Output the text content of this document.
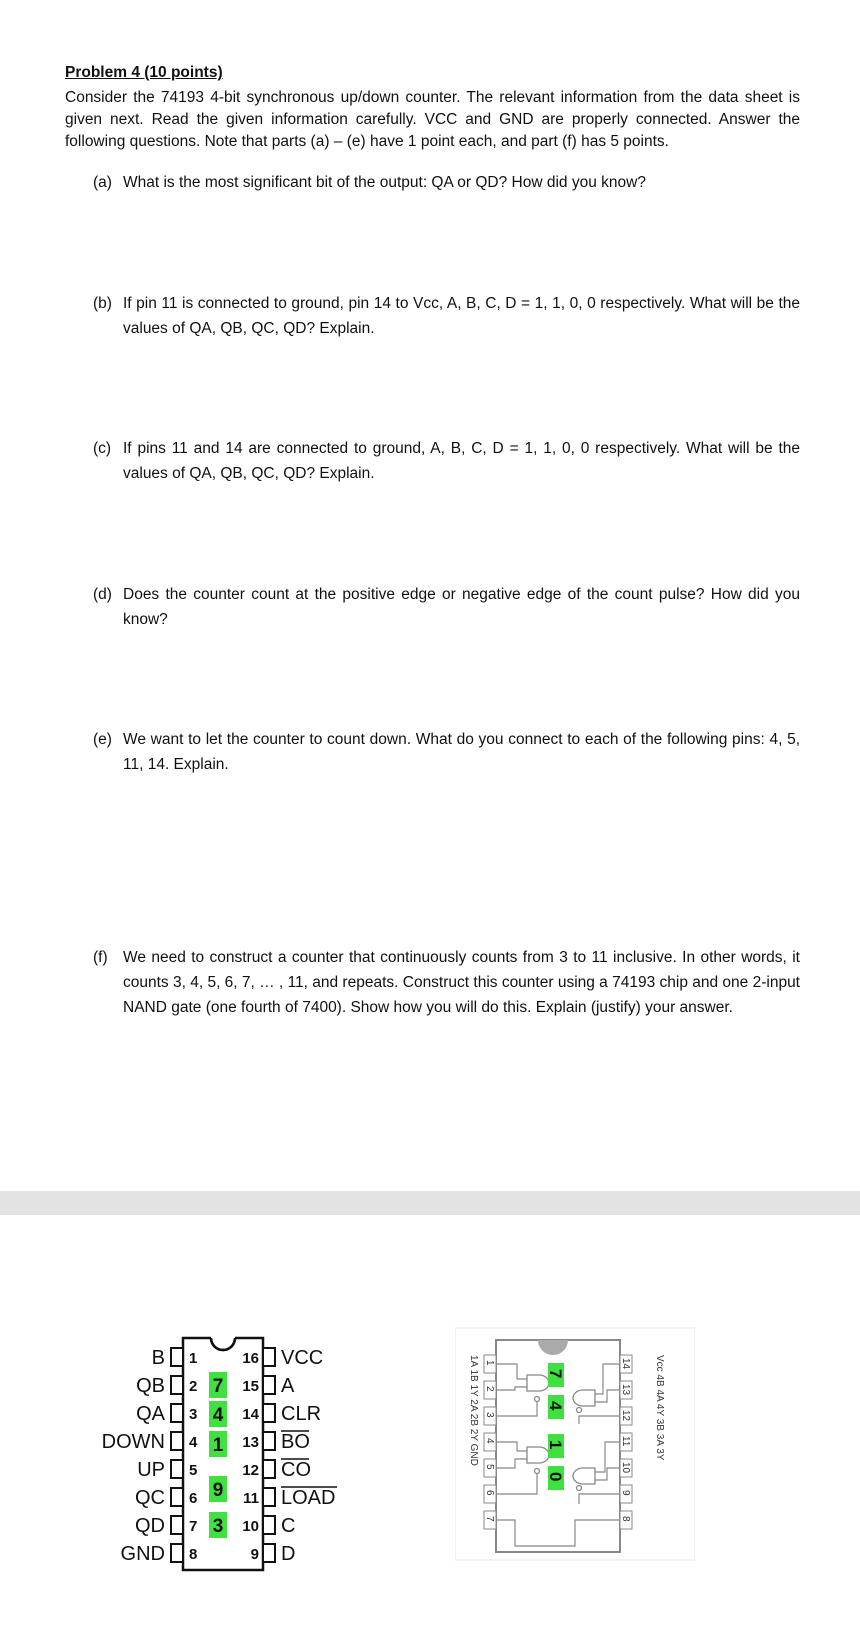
Problem 4 (10 points)
Consider the 74193 4-bit synchronous up/down counter. The relevant information from the data sheet is given next. Read the given information carefully. VCC and GND are properly connected. Answer the following questions. Note that parts (a) – (e) have 1 point each, and part (f) has 5 points.
(a) What is the most significant bit of the output: QA or QD? How did you know?
(b) If pin 11 is connected to ground, pin 14 to Vcc, A, B, C, D = 1, 1, 0, 0 respectively. What will be the values of QA, QB, QC, QD? Explain.
(c) If pins 11 and 14 are connected to ground, A, B, C, D = 1, 1, 0, 0 respectively. What will be the values of QA, QB, QC, QD? Explain.
(d) Does the counter count at the positive edge or negative edge of the count pulse? How did you know?
(e) We want to let the counter to count down. What do you connect to each of the following pins: 4, 5, 11, 14. Explain.
(f) We need to construct a counter that continuously counts from 3 to 11 inclusive. In other words, it counts 3, 4, 5, 6, 7, … , 11, and repeats. Construct this counter using a 74193 chip and one 2-input NAND gate (one fourth of 7400). Show how you will do this. Explain (justify) your answer.
B 1
QB 2
QA 3
DOWN 4
UP 5
QC 6
QD 7
GND 8
VCC
16
A
15
CLR
14
BO
13
CO
12
LOAD
11
C
10
D
9
7
4
1
9
3
1A 1B 1Y 2A 2B 2Y GND	Vcc 4B 4A 4Y 3B 3A 3Y
1
2
3
4
5
6
7
14
13
12
11
10
9
8
7
4
1
0
